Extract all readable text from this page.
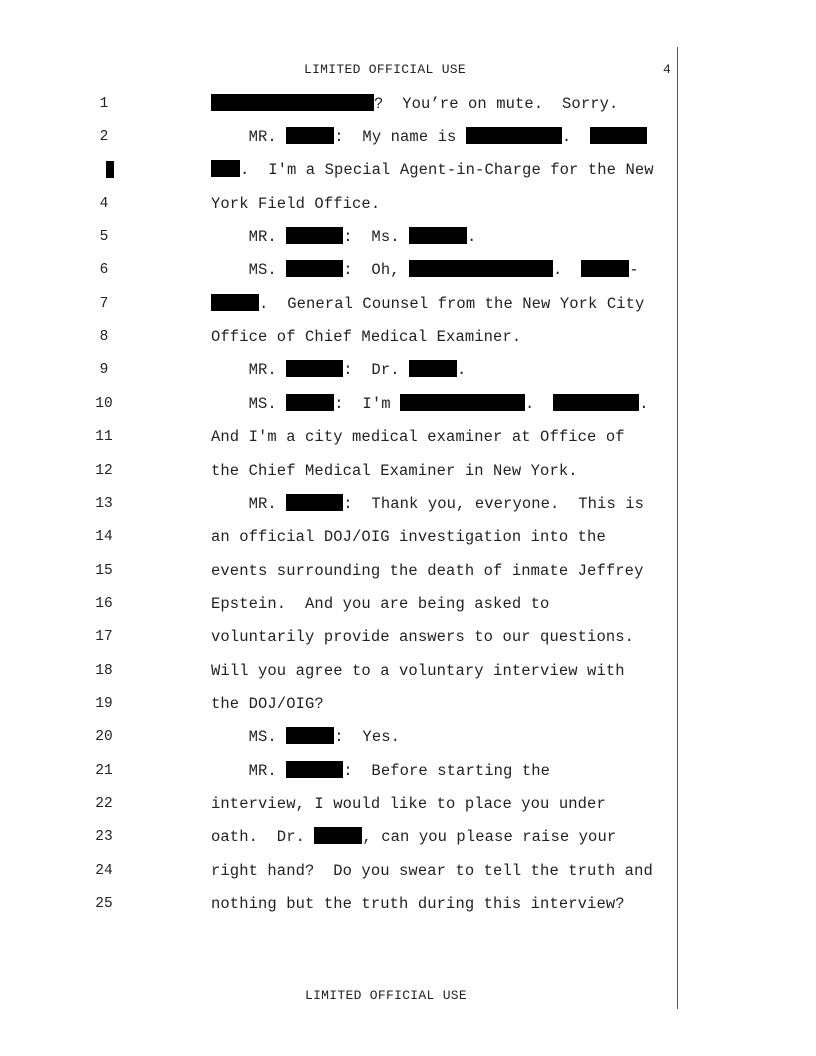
LIMITED OFFICIAL USE	4
1	?  You’re on mute.  Sorry.
2	MR.	:  My name is	.
.  I'm a Special Agent-in-Charge for the New
4	York Field Office.
5	MR.	:  Ms.	.
6	MS.	:  Oh,	.	-
7	.  General Counsel from the New York City
8	Office of Chief Medical Examiner.
9	MR.	:  Dr.	.
10	MS.	:  I'm	.	.
11	And I'm a city medical examiner at Office of
12	the Chief Medical Examiner in New York.
13	MR.	:  Thank you, everyone.  This is
14	an official DOJ/OIG investigation into the
15	events surrounding the death of inmate Jeffrey
16	Epstein.  And you are being asked to
17	voluntarily provide answers to our questions.
18	Will you agree to a voluntary interview with
19	the DOJ/OIG?
20	MS.	:  Yes.
21	MR.	:  Before starting the
22	interview, I would like to place you under
23	oath.  Dr.	, can you please raise your
24	right hand?  Do you swear to tell the truth and
25	nothing but the truth during this interview?
LIMITED OFFICIAL USE
